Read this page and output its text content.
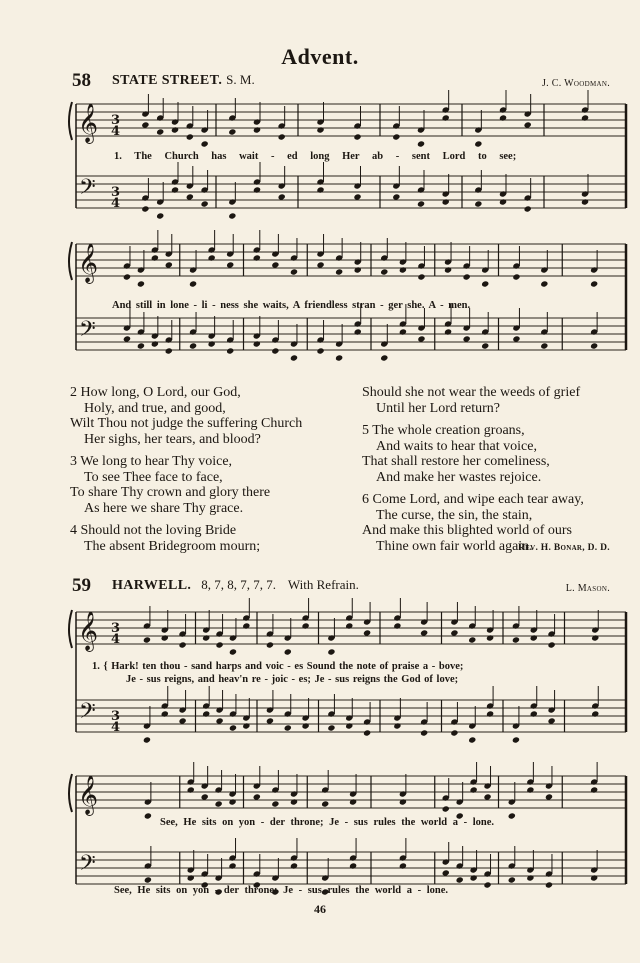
Advent.
58 STATE STREET. S. M.	J. C. Woodman.
𝄞
𝄢
𝄞
𝄢
𝄞
𝄢
𝄞
𝄢
3
4
3
4
3
4
3
4
1. The Church has wait - ed long Her ab - sent Lord to see;
And still in lone - li - ness she waits, A friendless stran - ger she. A - men.
2 How long, O Lord, our God,
Holy, and true, and good,
Wilt Thou not judge the suffering Church
Her sighs, her tears, and blood?
3 We long to hear Thy voice,
To see Thee face to face,
To share Thy crown and glory there
As here we share Thy grace.
4 Should not the loving Bride
The absent Bridegroom mourn;
Should she not wear the weeds of grief
Until her Lord return?
5 The whole creation groans,
And waits to hear that voice,
That shall restore her comeliness,
And make her wastes rejoice.
6 Come Lord, and wipe each tear away,
The curse, the sin, the stain,
And make this blighted world of ours
Thine own fair world again.
Rev. H. Bonar, D. D.
59 HARWELL. 8, 7, 8, 7, 7, 7. With Refrain.	L. Mason.
1. { Hark! ten thou - sand harps and voic - es Sound the note of praise a - bove;
Je - sus reigns, and heav'n re - joic - es; Je - sus reigns the God of love;
See, He sits on yon - der throne; Je - sus rules the world a - lone.
See, He sits on yon - der throne; Je - sus rules the world a - lone.
46
